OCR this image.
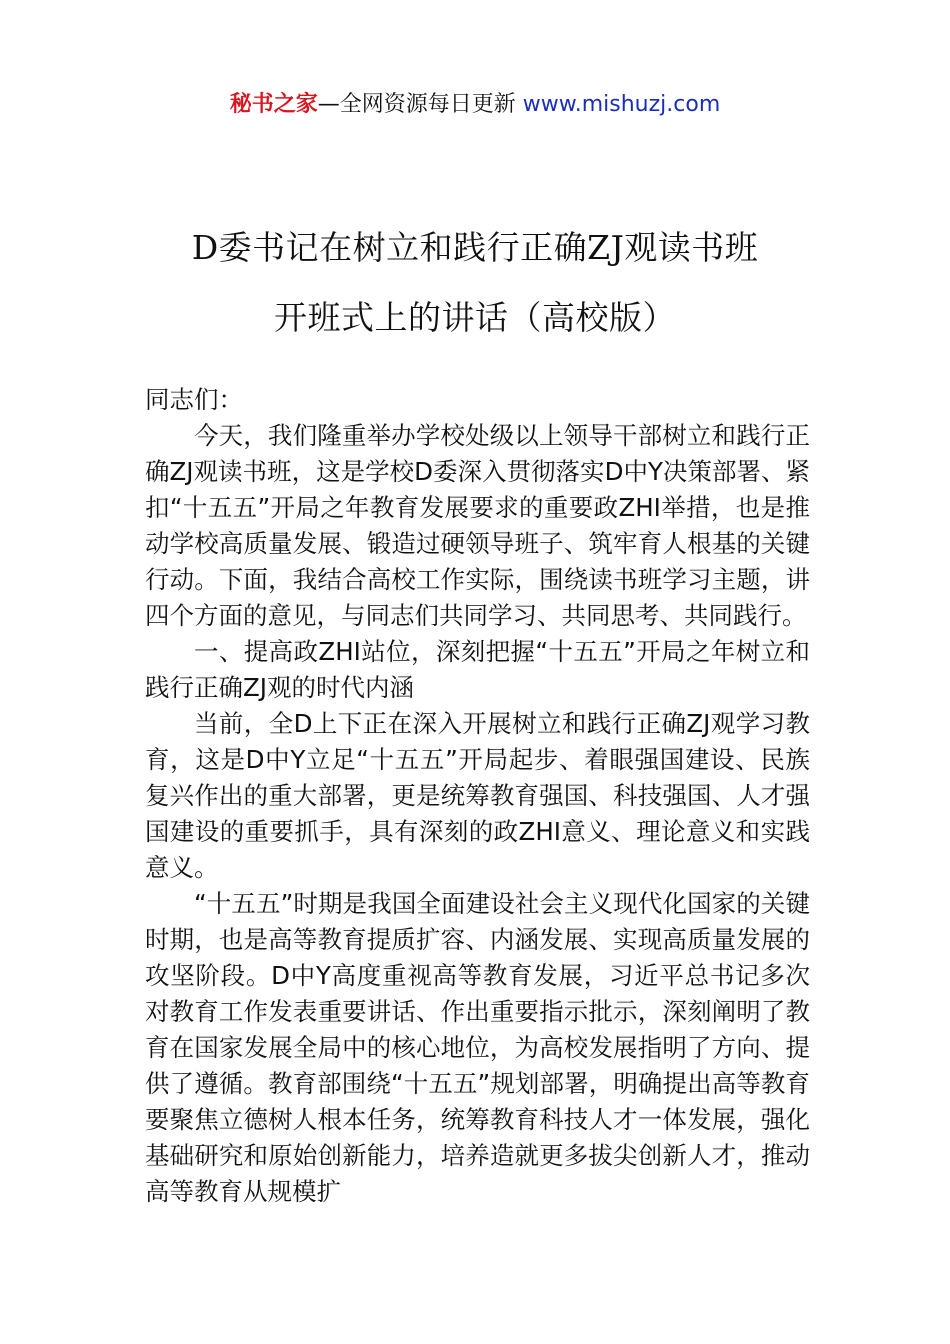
秘书之家—全网资源每日更新 www.mishuzj.com
D委书记在树立和践行正确ZJ观读书班
开班式上的讲话（高校版）

同志们：

今天，我们隆重举办学校处级以上领导干部树立和践行正确ZJ观读书班，这是学校D委深入贯彻落实D中Y决策部署、紧扣“十五五”开局之年教育发展要求的重要政ZHI举措，也是推动学校高质量发展、锻造过硬领导班子、筑牢育人根基的关键行动。下面，我结合高校工作实际，围绕读书班学习主题，讲四个方面的意见，与同志们共同学习、共同思考、共同践行。

一、提高政ZHI站位，深刻把握“十五五”开局之年树立和践行正确ZJ观的时代内涵

当前，全D上下正在深入开展树立和践行正确ZJ观学习教育，这是D中Y立足“十五五”开局起步、着眼强国建设、民族复兴作出的重大部署，更是统筹教育强国、科技强国、人才强国建设的重要抓手，具有深刻的政ZHI意义、理论意义和实践意义。

“十五五”时期是我国全面建设社会主义现代化国家的关键时期，也是高等教育提质扩容、内涵发展、实现高质量发展的攻坚阶段。D中Y高度重视高等教育发展，习近平总书记多次对教育工作发表重要讲话、作出重要指示批示，深刻阐明了教育在国家发展全局中的核心地位，为高校发展指明了方向、提供了遵循。教育部围绕“十五五”规划部署，明确提出高等教育要聚焦立德树人根本任务，统筹教育科技人才一体发展，强化基础研究和原始创新能力，培养造就更多拔尖创新人才，推动高等教育从规模扩
